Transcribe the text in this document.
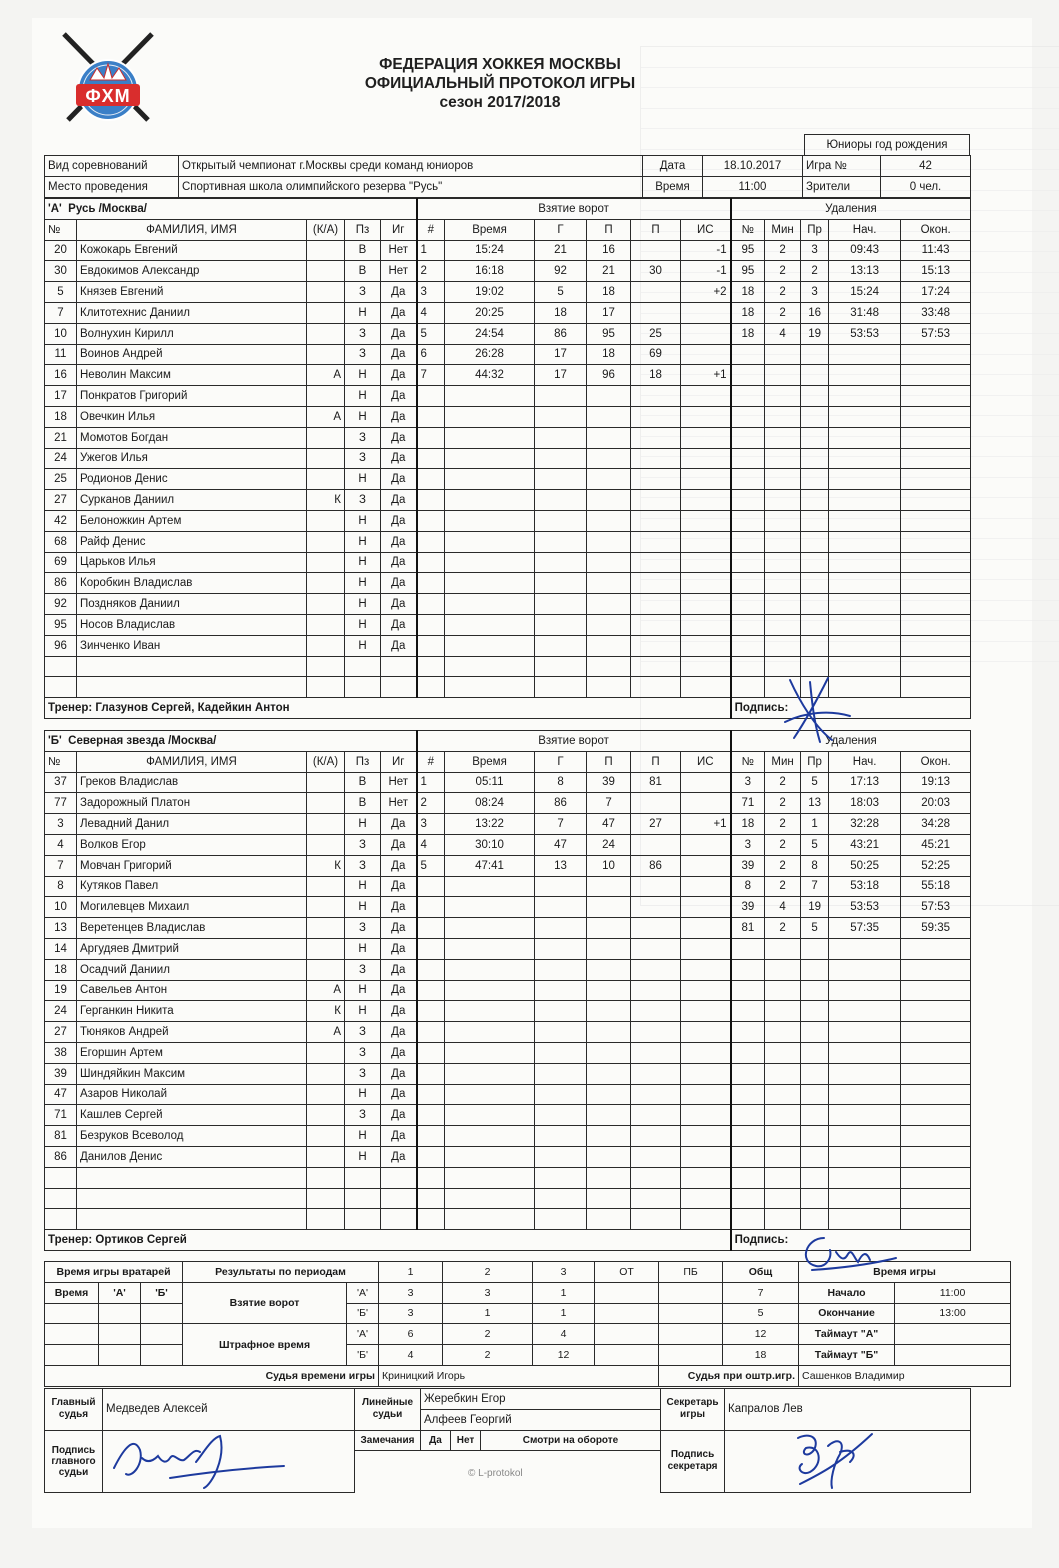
ФХМ
ФЕДЕРАЦИЯ ХОККЕЯ МОСКВЫ
ОФИЦИАЛЬНЫЙ ПРОТОКОЛ ИГРЫ
сезон 2017/2018
Юниоры год рождения
Вид соревнований	Открытый чемпионат г.Москвы среди команд юниоров	Дата	18.10.2017	Игра №	42
Место проведения	Спортивная школа олимпийского резерва "Русь"	Время	11:00	Зрители	0 чел.
'А' Русь /Москва/					Взятие ворот						Удаления				
№	ФАМИЛИЯ, ИМЯ	(К/А)	Пз	Иг	#	Время	Г	П	П	ИС	№	Мин	Пр	Нач.	Окон.
20	Кожокарь Евгений		В	Нет	1	15:24	21	16		-1	95	2	3	09:43	11:43
30	Евдокимов Александр		В	Нет	2	16:18	92	21	30	-1	95	2	2	13:13	15:13
5	Князев Евгений		З	Да	3	19:02	5	18		+2	18	2	3	15:24	17:24
7	Клитотехнис Даниил		Н	Да	4	20:25	18	17			18	2	16	31:48	33:48
10	Волнухин Кирилл		З	Да	5	24:54	86	95	25		18	4	19	53:53	57:53
11	Воинов Андрей		З	Да	6	26:28	17	18	69						
16	Неволин Максим	А	Н	Да	7	44:32	17	96	18	+1					
17	Понкратов Григорий		Н	Да											
18	Овечкин Илья	А	Н	Да											
21	Момотов Богдан		З	Да											
24	Ужегов Илья		З	Да											
25	Родионов Денис		Н	Да											
27	Сурканов Даниил	К	З	Да											
42	Белоножкин Артем		Н	Да											
68	Райф Денис		Н	Да											
69	Царьков Илья		Н	Да											
86	Коробкин Владислав		Н	Да											
92	Поздняков Даниил		Н	Да											
95	Носов Владислав		Н	Да											
96	Зинченко Иван		Н	Да											

Тренер: Глазунов Сергей, Кадейкин Антон											Подпись:				
'Б' Северная звезда /Москва/					Взятие ворот						Удаления				
№	ФАМИЛИЯ, ИМЯ	(К/А)	Пз	Иг	#	Время	Г	П	П	ИС	№	Мин	Пр	Нач.	Окон.
37	Греков Владислав		В	Нет	1	05:11	8	39	81		3	2	5	17:13	19:13
77	Задорожный Платон		В	Нет	2	08:24	86	7			71	2	13	18:03	20:03
3	Левадний Данил		Н	Да	3	13:22	7	47	27	+1	18	2	1	32:28	34:28
4	Волков Егор		З	Да	4	30:10	47	24			3	2	5	43:21	45:21
7	Мовчан Григорий	К	З	Да	5	47:41	13	10	86		39	2	8	50:25	52:25
8	Кутяков Павел		Н	Да							8	2	7	53:18	55:18
10	Могилевцев Михаил		Н	Да							39	4	19	53:53	57:53
13	Веретенцев Владислав		З	Да							81	2	5	57:35	59:35
14	Аргудяев Дмитрий		Н	Да											
18	Осадчий Даниил		З	Да											
19	Савельев Антон	А	Н	Да											
24	Герганкин Никита	К	Н	Да											
27	Тюняков Андрей	А	З	Да											
38	Егоршин Артем		З	Да											
39	Шиндяйкин Максим		З	Да											
47	Азаров Николай		Н	Да											
71	Кашлев Сергей		З	Да											
81	Безруков Всеволод		Н	Да											
86	Данилов Денис		Н	Да											

Тренер: Ортиков Сергей											Подпись:				
Время игры вратарей			Результаты по периодам		1	2	3	ОТ	ПБ	Общ	Время игры	
Время	'А'	'Б'	Взятие ворот	'А'	3	3	1			7	Начало	11:00
				'Б'	3	1	1			5	Окончание	13:00
			Штрафное время	'А'	6	2	4			12	Таймаут "А"	
				'Б'	4	2	12			18	Таймаут "Б"	
Судья времени игры					Криницкий Игорь				Судья при оштр.игр.		Сашенков Владимир	
Главный судья	Медведев Алексей	Линейные судьи	Жеребкин Егор			Секретарь игры	Капралов Лев
			Алфеев Георгий				
Подпись главного судьи		Замечания	Да	Нет	Смотри на обороте	Подпись секретаря	

© L-protokol
